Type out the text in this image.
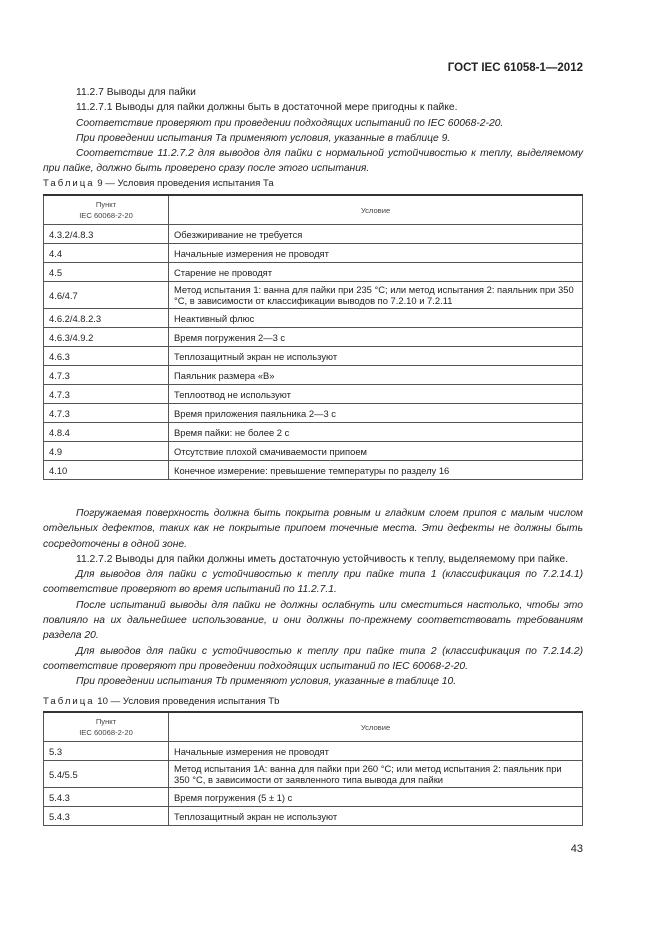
ГОСТ IEC 61058-1—2012
11.2.7 Выводы для пайки
11.2.7.1 Выводы для пайки должны быть в достаточной мере пригодны к пайке.
Соответствие проверяют при проведении подходящих испытаний по IEC 60068-2-20.
При проведении испытания Та применяют условия, указанные в таблице 9.
Соответствие 11.2.7.2 для выводов для пайки с нормальной устойчивостью к теплу, выделяемому при пайке, должно быть проверено сразу после этого испытания.
Таблица 9 — Условия проведения испытания Та
Пункт
IEC 60068-2-20	Условие
4.3.2/4.8.3	Обезжиривание не требуется
4.4	Начальные измерения не проводят
4.5	Старение не проводят
4.6/4.7	Метод испытания 1: ванна для пайки при 235 °C; или метод испытания 2: паяльник при 350 °C, в зависимости от классификации выводов по 7.2.10 и 7.2.11
4.6.2/4.8.2.3	Неактивный флюс
4.6.3/4.9.2	Время погружения 2—3 с
4.6.3	Теплозащитный экран не используют
4.7.3	Паяльник размера «В»
4.7.3	Теплоотвод не используют
4.7.3	Время приложения паяльника 2—3 с
4.8.4	Время пайки: не более 2 с
4.9	Отсутствие плохой смачиваемости припоем
4.10	Конечное измерение: превышение температуры по разделу 16
Погружаемая поверхность должна быть покрыта ровным и гладким слоем припоя с малым числом отдельных дефектов, таких как не покрытые припоем точечные места. Эти дефекты не должны быть сосредоточены в одной зоне.
11.2.7.2 Выводы для пайки должны иметь достаточную устойчивость к теплу, выделяемому при пайке.
Для выводов для пайки с устойчивостью к теплу при пайке типа 1 (классификация по 7.2.14.1) соответствие проверяют во время испытаний по 11.2.7.1.
После испытаний выводы для пайки не должны ослабнуть или сместиться настолько, чтобы это повлияло на их дальнейшее использование, и они должны по-прежнему соответствовать требованиям раздела 20.
Для выводов для пайки с устойчивостью к теплу при пайке типа 2 (классификация по 7.2.14.2) соответствие проверяют при проведении подходящих испытаний по IEC 60068-2-20.
При проведении испытания Tb применяют условия, указанные в таблице 10.
Таблица 10 — Условия проведения испытания Tb
Пункт
IEC 60068-2-20	Условие
5.3	Начальные измерения не проводят
5.4/5.5	Метод испытания 1А: ванна для пайки при 260 °C; или метод испытания 2: паяльник при 350 °C, в зависимости от заявленного типа вывода для пайки
5.4.3	Время погружения (5 ± 1) с
5.4.3	Теплозащитный экран не используют
43
